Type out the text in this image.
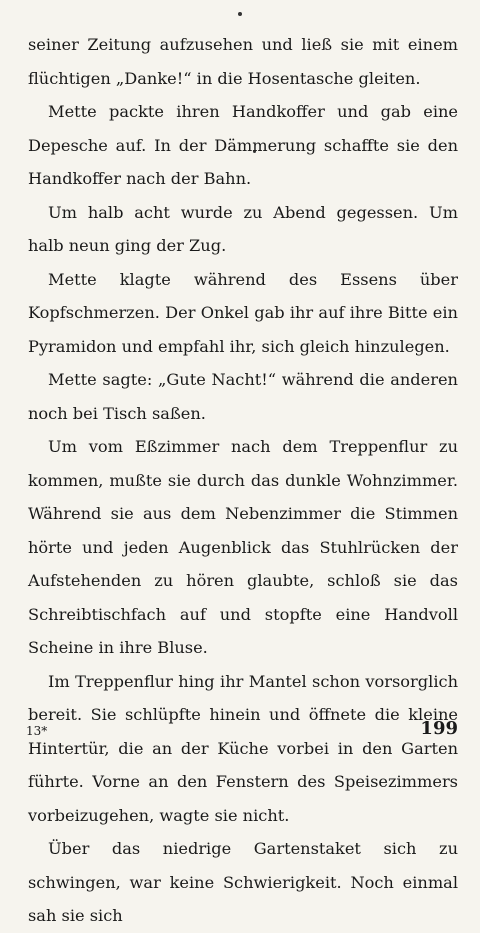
seiner Zeitung aufzusehen und ließ sie mit einem flüchtigen „Danke!“ in die Hosentasche gleiten.

Mette packte ihren Handkoffer und gab eine Depesche auf. In der Dämmerung schaffte sie den Handkoffer nach der Bahn.

Um halb acht wurde zu Abend gegessen. Um halb neun ging der Zug.

Mette klagte während des Essens über Kopfschmerzen. Der Onkel gab ihr auf ihre Bitte ein Pyramidon und empfahl ihr, sich gleich hinzulegen.

Mette sagte: „Gute Nacht!“ während die anderen noch bei Tisch saßen.

Um vom Eßzimmer nach dem Treppenflur zu kommen, mußte sie durch das dunkle Wohnzimmer. Während sie aus dem Nebenzimmer die Stimmen hörte und jeden Augenblick das Stuhlrücken der Aufstehenden zu hören glaubte, schloß sie das Schreibtischfach auf und stopfte eine Handvoll Scheine in ihre Bluse.

Im Treppenflur hing ihr Mantel schon vorsorglich bereit. Sie schlüpfte hinein und öffnete die kleine Hintertür, die an der Küche vorbei in den Garten führte. Vorne an den Fenstern des Speisezimmers vorbeizugehen, wagte sie nicht.

Über das niedrige Gartenstaket sich zu schwingen, war keine Schwierigkeit. Noch einmal sah sie sich

13*	199
